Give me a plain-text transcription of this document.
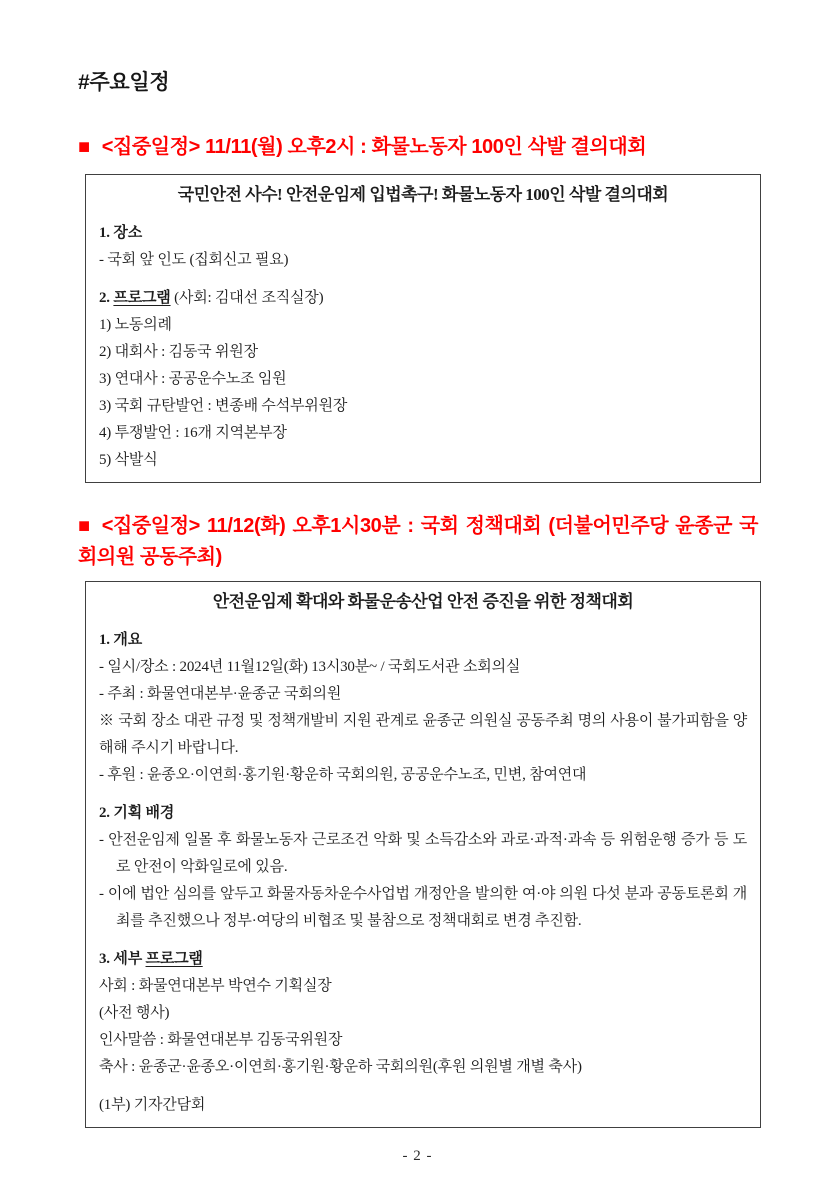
#주요일정
■ <집중일정> 11/11(월) 오후2시 : 화물노동자 100인 삭발 결의대회
국민안전 사수! 안전운임제 입법촉구! 화물노동자 100인 삭발 결의대회
1. 장소
- 국회 앞 인도 (집회신고 필요)
2. 프로그램 (사회: 김대선 조직실장)
1) 노동의례
2) 대회사 : 김동국 위원장
3) 연대사 : 공공운수노조 임원
3) 국회 규탄발언 : 변종배 수석부위원장
4) 투쟁발언 : 16개 지역본부장
5) 삭발식
■ <집중일정> 11/12(화) 오후1시30분 : 국회 정책대회 (더불어민주당 윤종군 국회의원 공동주최)
안전운임제 확대와 화물운송산업 안전 증진을 위한 정책대회
1. 개요
- 일시/장소 : 2024년 11월12일(화) 13시30분~ / 국회도서관 소회의실
- 주최 : 화물연대본부·윤종군 국회의원
※ 국회 장소 대관 규정 및 정책개발비 지원 관계로 윤종군 의원실 공동주최 명의 사용이 불가피함을 양해해 주시기 바랍니다.
- 후원 : 윤종오·이연희·홍기원·황운하 국회의원, 공공운수노조, 민변, 참여연대
2. 기획 배경
- 안전운임제 일몰 후 화물노동자 근로조건 악화 및 소득감소와 과로·과적·과속 등 위험운행 증가 등 도로 안전이 악화일로에 있음.
- 이에 법안 심의를 앞두고 화물자동차운수사업법 개정안을 발의한 여·야 의원 다섯 분과 공동토론회 개최를 추진했으나 정부·여당의 비협조 및 불참으로 정책대회로 변경 추진함.
3. 세부 프로그램
사회 : 화물연대본부 박연수 기획실장
(사전 행사)
인사말씀 : 화물연대본부 김동국위원장
축사 : 윤종군·윤종오·이연희·홍기원·황운하 국회의원(후원 의원별 개별 축사)
(1부) 기자간담회
- 2 -
